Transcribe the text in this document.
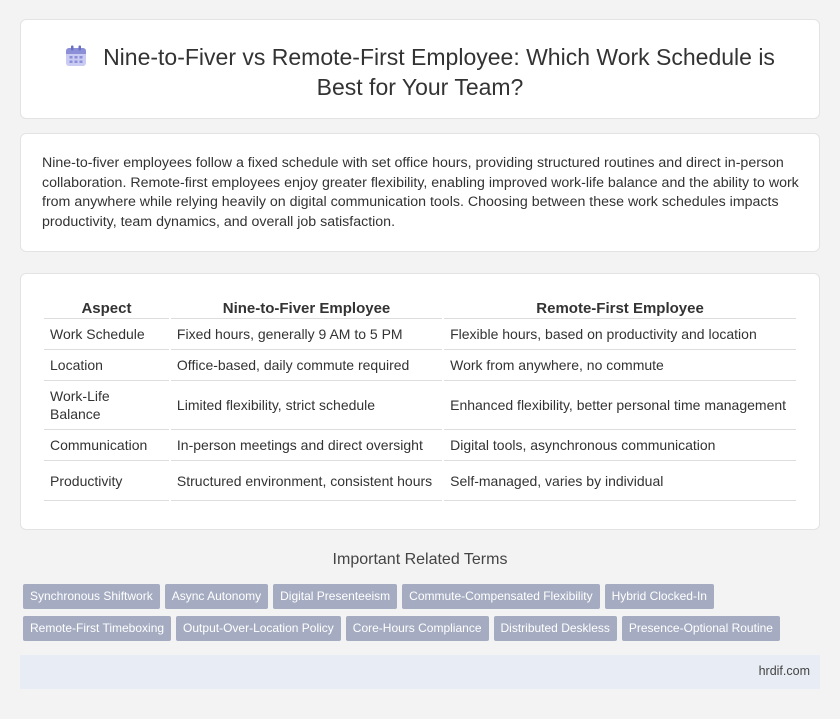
Nine-to-Fiver vs Remote-First Employee: Which Work Schedule is Best for Your Team?

Nine-to-fiver employees follow a fixed schedule with set office hours, providing structured routines and direct in-person collaboration. Remote-first employees enjoy greater flexibility, enabling improved work-life balance and the ability to work from anywhere while relying heavily on digital communication tools. Choosing between these work schedules impacts productivity, team dynamics, and overall job satisfaction.

Aspect	Nine-to-Fiver Employee	Remote-First Employee
Work Schedule	Fixed hours, generally 9 AM to 5 PM	Flexible hours, based on productivity and location
Location	Office-based, daily commute required	Work from anywhere, no commute
Work-Life Balance	Limited flexibility, strict schedule	Enhanced flexibility, better personal time management
Communication	In-person meetings and direct oversight	Digital tools, asynchronous communication
Productivity	Structured environment, consistent hours	Self-managed, varies by individual
Important Related Terms
Synchronous Shiftwork Async Autonomy Digital Presenteeism Commute-Compensated Flexibility Hybrid Clocked-In
Remote-First Timeboxing Output-Over-Location Policy Core-Hours Compliance Distributed Deskless Presence-Optional Routine
hrdif.com
